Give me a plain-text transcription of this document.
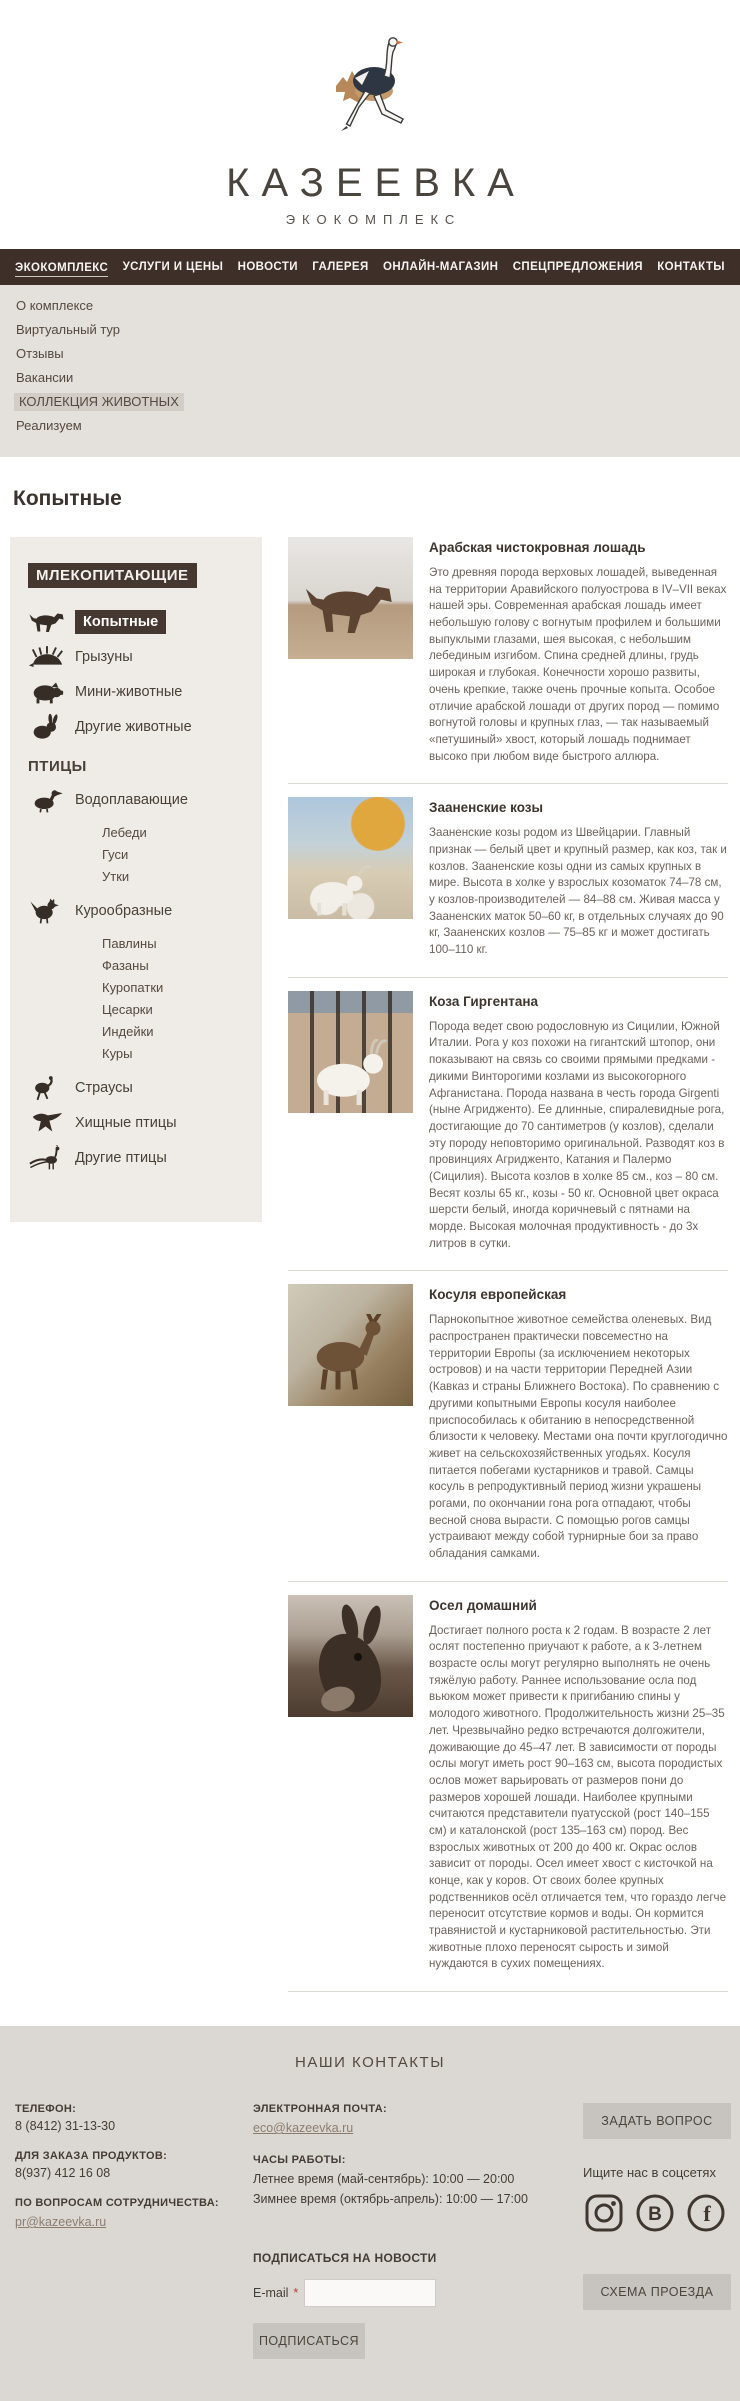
КАЗЕЕВКА
ЭКОКОМПЛЕКС
ЭКОКОМПЛЕКС УСЛУГИ И ЦЕНЫ НОВОСТИ ГАЛЕРЕЯ ОНЛАЙН-МАГАЗИН СПЕЦПРЕДЛОЖЕНИЯ КОНТАКТЫ
О комплексе
Виртуальный тур
Отзывы
Вакансии
КОЛЛЕКЦИЯ ЖИВОТНЫХ
Реализуем
Копытные
МЛЕКОПИТАЮЩИЕ
Копытные
Грызуны
Мини-животные
Другие животные
ПТИЦЫ
Водоплавающие
Лебеди
Гуси
Утки
Курообразные
Павлины
Фазаны
Куропатки
Цесарки
Индейки
Куры
Страусы
Хищные птицы
Другие птицы
Арабская чистокровная лошадь

Это древняя порода верховых лошадей, выведенная на территории Аравийского полуострова в IV–VII веках нашей эры. Современная арабская лошадь имеет небольшую голову с вогнутым профилем и большими выпуклыми глазами, шея высокая, с небольшим лебединым изгибом. Спина средней длины, грудь широкая и глубокая. Конечности хорошо развиты, очень крепкие, также очень прочные копыта. Особое отличие арабской лошади от других пород — помимо вогнутой головы и крупных глаз, — так называемый «петушиный» хвост, который лошадь поднимает высоко при любом виде быстрого аллюра.

Зааненские козы

Зааненские козы родом из Швейцарии. Главный признак — белый цвет и крупный размер, как коз, так и козлов. Зааненские козы одни из самых крупных в мире. Высота в холке у взрослых козоматок 74–78 см, у козлов-производителей — 84–88 см. Живая масса у Зааненских маток 50–60 кг, в отдельных случаях до 90 кг, Зааненских козлов — 75–85 кг и может достигать 100–110 кг.

Коза Гиргентана

Порода ведет свою родословную из Сицилии, Южной Италии. Рога у коз похожи на гигантский штопор, они показывают на связь со своими прямыми предками - дикими Винторогими козлами из высокогорного Афганистана. Порода названа в честь города Girgenti (ныне Агридженто). Ее длинные, спиралевидные рога, достигающие до 70 сантиметров (у козлов), сделали эту породу неповторимо оригинальной. Разводят коз в провинциях Агридженто, Катания и Палермо (Сицилия). Высота козлов в холке 85 см., коз – 80 см. Весят козлы 65 кг., козы - 50 кг. Основной цвет окраса шерсти белый, иногда коричневый с пятнами на морде. Высокая молочная продуктивность - до 3х литров в сутки.

Косуля европейская

Парнокопытное животное семейства оленевых. Вид распространен практически повсеместно на территории Европы (за исключением некоторых островов) и на части территории Передней Азии (Кавказ и страны Ближнего Востока). По сравнению с другими копытными Европы косуля наиболее приспособилась к обитанию в непосредственной близости к человеку. Местами она почти круглогодично живет на сельскохозяйственных угодьях. Косуля питается побегами кустарников и травой. Самцы косуль в репродуктивный период жизни украшены рогами, по окончании гона рога отпадают, чтобы весной снова вырасти. С помощью рогов самцы устраивают между собой турнирные бои за право обладания самками.

Осел домашний

Достигает полного роста к 2 годам. В возрасте 2 лет ослят постепенно приучают к работе, а к 3-летнем возрасте ослы могут регулярно выполнять не очень тяжёлую работу. Раннее использование осла под вьюком может привести к пригибанию спины у молодого животного. Продолжительность жизни 25–35 лет. Чрезвычайно редко встречаются долгожители, доживающие до 45–47 лет. В зависимости от породы ослы могут иметь рост 90–163 см, высота породистых ослов может варьировать от размеров пони до размеров хорошей лошади. Наиболее крупными считаются представители пуатусской (рост 140–155 см) и каталонской (рост 135–163 см) пород. Вес взрослых животных от 200 до 400 кг. Окрас ослов зависит от породы. Осел имеет хвост с кисточкой на конце, как у коров. От своих более крупных родственников осёл отличается тем, что гораздо легче переносит отсутствие кормов и воды. Он кормится травянистой и кустарниковой растительностью. Эти животные плохо переносят сырость и зимой нуждаются в сухих помещениях.

НАШИ КОНТАКТЫ
ТЕЛЕФОН:
8 (8412) 31-13-30
ДЛЯ ЗАКАЗА ПРОДУКТОВ:
8(937) 412 16 08
ПО ВОПРОСАМ СОТРУДНИЧЕСТВА:
pr@kazeevka.ru
ЭЛЕКТРОННАЯ ПОЧТА:
eco@kazeevka.ru
ЧАСЫ РАБОТЫ:
Летнее время (май-сентябрь): 10:00 — 20:00
Зимнее время (октябрь-апрель): 10:00 — 17:00
ПОДПИСАТЬСЯ НА НОВОСТИ
E-mail *
ПОДПИСАТЬСЯ
ЗАДАТЬ ВОПРОС
Ищите нас в соцсетях
В f
СХЕМА ПРОЕЗДА
